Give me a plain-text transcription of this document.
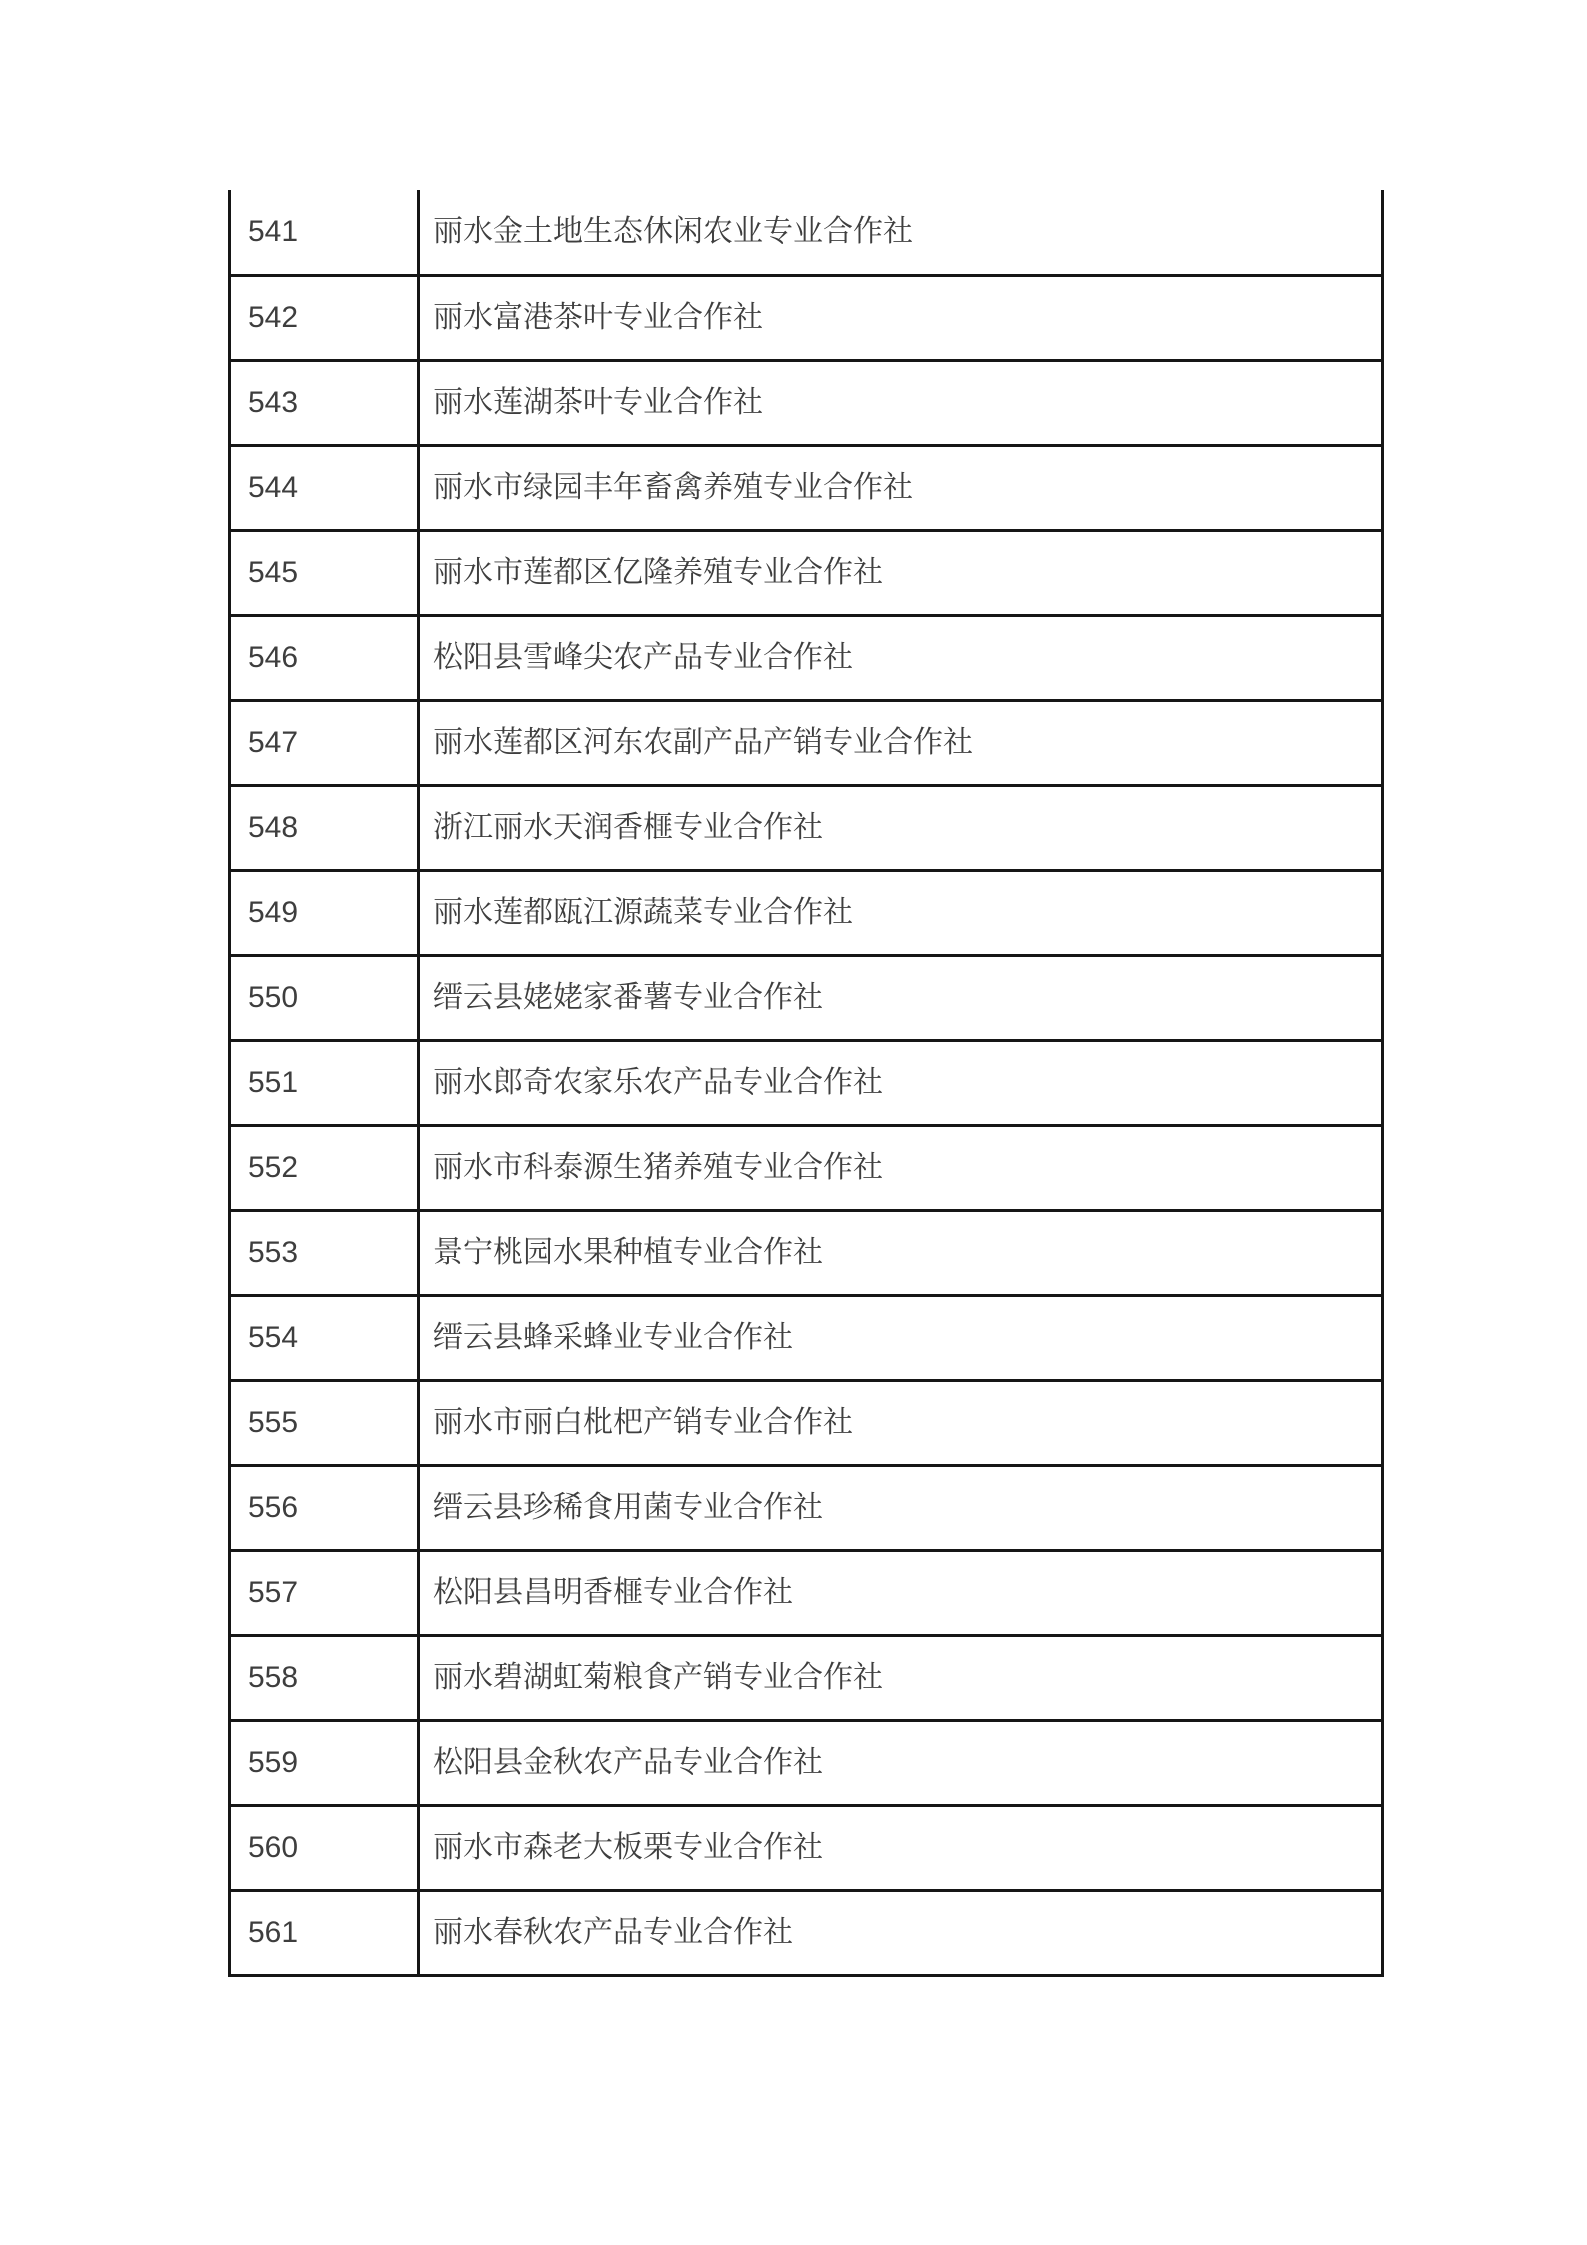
541	丽水金土地生态休闲农业专业合作社
542	丽水富港茶叶专业合作社
543	丽水莲湖茶叶专业合作社
544	丽水市绿园丰年畜禽养殖专业合作社
545	丽水市莲都区亿隆养殖专业合作社
546	松阳县雪峰尖农产品专业合作社
547	丽水莲都区河东农副产品产销专业合作社
548	浙江丽水天润香榧专业合作社
549	丽水莲都瓯江源蔬菜专业合作社
550	缙云县姥姥家番薯专业合作社
551	丽水郎奇农家乐农产品专业合作社
552	丽水市科泰源生猪养殖专业合作社
553	景宁桃园水果种植专业合作社
554	缙云县蜂采蜂业专业合作社
555	丽水市丽白枇杷产销专业合作社
556	缙云县珍稀食用菌专业合作社
557	松阳县昌明香榧专业合作社
558	丽水碧湖虹菊粮食产销专业合作社
559	松阳县金秋农产品专业合作社
560	丽水市森老大板栗专业合作社
561	丽水春秋农产品专业合作社
